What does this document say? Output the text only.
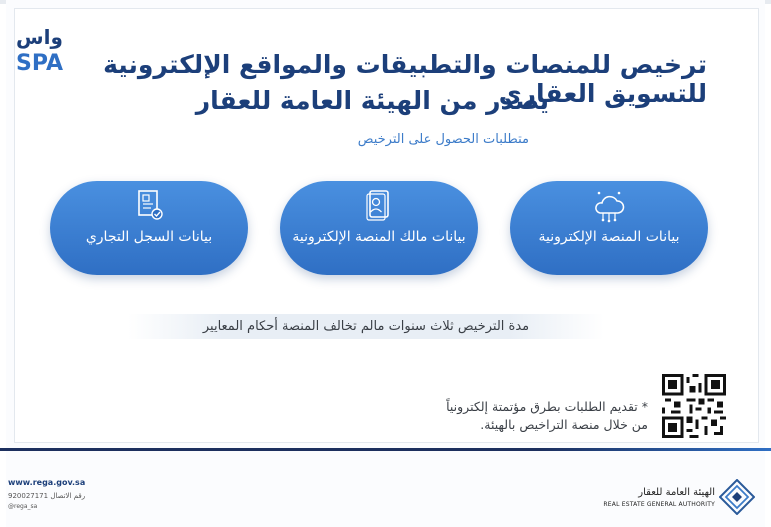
واس
SPA	ترخيص للمنصات والتطبيقات والمواقع الإلكترونية للتسويق العقاري
يصدر من الهيئة العامة للعقار
متطلبات الحصول على الترخيص
بيانات السجل التجاري	بيانات مالك المنصة الإلكترونية	بيانات المنصة الإلكترونية
مدة الترخيص ثلاث سنوات مالم تخالف المنصة أحكام المعايير
* تقديم الطلبات بطرق مؤتمتة إلكترونياً
من خلال منصة التراخيص بالهيئة.
www.rega.gov.sa
رقم الاتصال 920027171
@rega_sa
الهيئة العامة للعقار
REAL ESTATE GENERAL AUTHORITY
